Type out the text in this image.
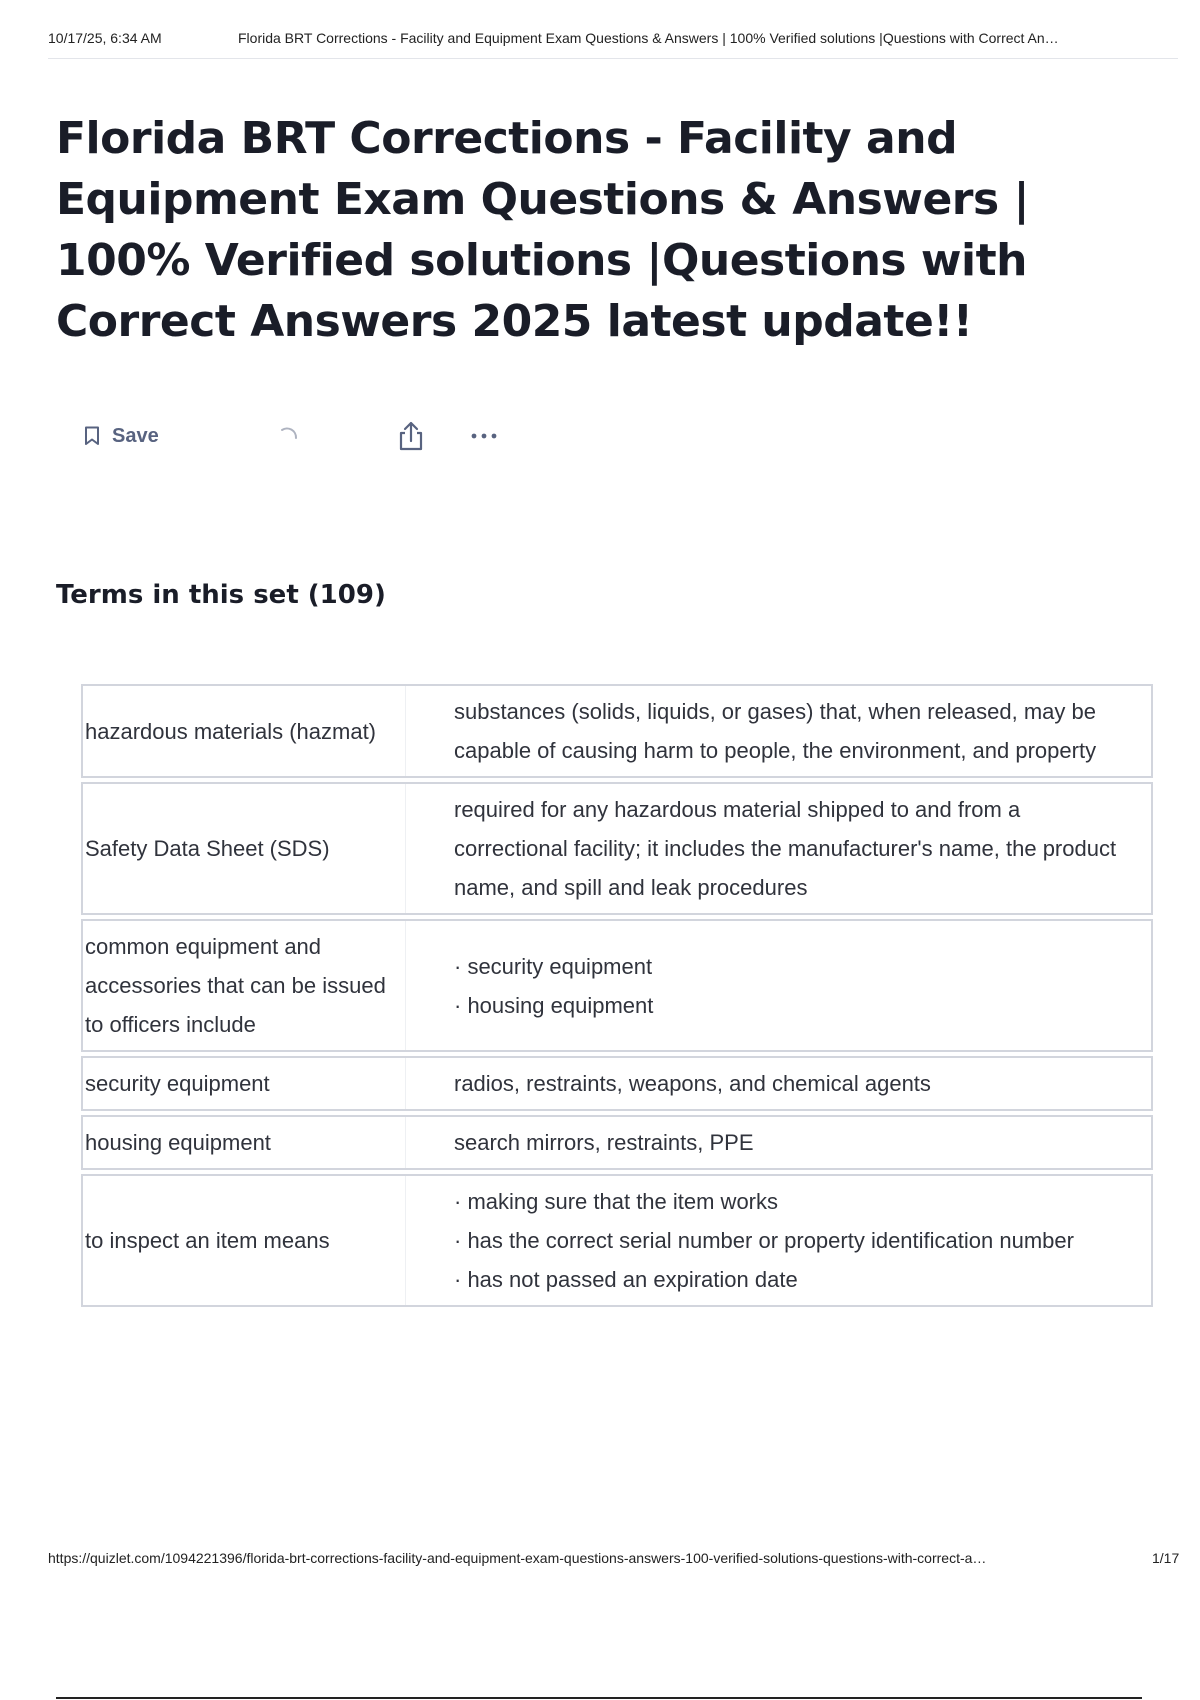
10/17/25, 6:34 AM	Florida BRT Corrections - Facility and Equipment Exam Questions & Answers | 100% Verified solutions |Questions with Correct An…
Florida BRT Corrections - Facility and Equipment Exam Questions & Answers | 100% Verified solutions |Questions with Correct Answers 2025 latest update!!
Save
Terms in this set (109)
hazardous materials (hazmat)	substances (solids, liquids, or gases) that, when released, may be capable of causing harm to people, the environment, and property

Safety Data Sheet (SDS)	required for any hazardous material shipped to and from a correctional facility; it includes the manufacturer's name, the product name, and spill and leak procedures

common equipment and accessories that can be issued to officers include	· security equipment
· housing equipment

security equipment	radios, restraints, weapons, and chemical agents

housing equipment	search mirrors, restraints, PPE

to inspect an item means	· making sure that the item works
· has the correct serial number or property identification number
· has not passed an expiration date
https://quizlet.com/1094221396/florida-brt-corrections-facility-and-equipment-exam-questions-answers-100-verified-solutions-questions-with-correct-a…	1/17
